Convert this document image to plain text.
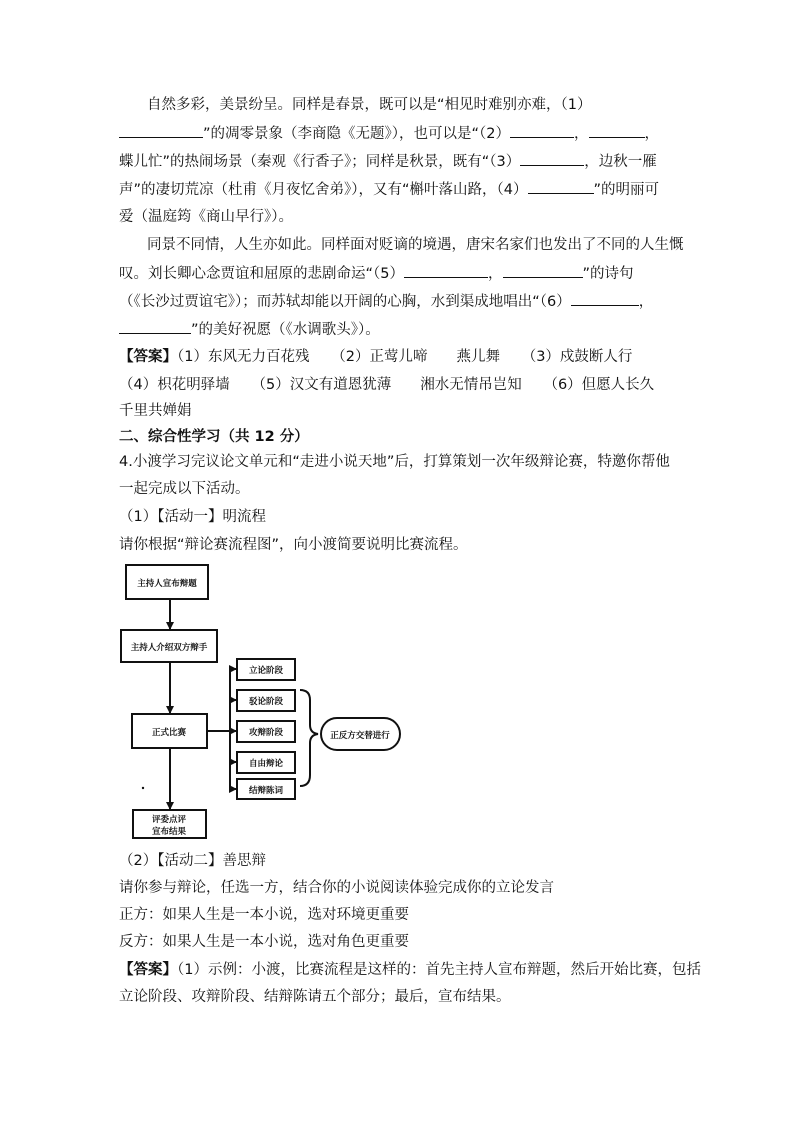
自然多彩，美景纷呈。同样是春景，既可以是“相见时难别亦难，（1）
”的凋零景象（李商隐《无题》），也可以是“（2）	，	，
蝶儿忙”的热闹场景（秦观《行香子》；同样是秋景，既有“（3）	，边秋一雁
声”的凄切荒凉（杜甫《月夜忆舍弟》），又有“槲叶落山路，（4）	”的明丽可
爱（温庭筠《商山早行》）。
同景不同情，人生亦如此。同样面对贬谪的境遇，唐宋名家们也发出了不同的人生慨
叹。刘长卿心念贾谊和屈原的悲剧命运“（5）	，	”的诗句
（《长沙过贾谊宅》）；而苏轼却能以开阔的心胸，水到渠成地唱出“（6）	，
”的美好祝愿（《水调歌头》）。
【答案】（1）东风无力百花残　　（2）正莺儿啼　　燕儿舞　　（3）戍鼓断人行
（4）枳花明驿墙　　（5）汉文有道恩犹薄　　湘水无情吊岂知　　（6）但愿人长久
千里共婵娟
二、综合性学习（共 12 分）
4.小渡学习完议论文单元和“走进小说天地”后，打算策划一次年级辩论赛，特邀你帮他
一起完成以下活动。
（1）【活动一】明流程
请你根据“辩论赛流程图”，向小渡简要说明比赛流程。
主持人宣布辩题
主持人介绍双方辩手
正式比赛
立论阶段
驳论阶段
攻辩阶段
自由辩论
结辩陈词
正反方交替进行
评委点评
宣布结果
（2）【活动二】善思辩
请你参与辩论，任选一方，结合你的小说阅读体验完成你的立论发言
正方：如果人生是一本小说，选对环境更重要
反方：如果人生是一本小说，选对角色更重要
【答案】（1）示例：小渡，比赛流程是这样的：首先主持人宣布辩题，然后开始比赛，包括
立论阶段、攻辩阶段、结辩陈请五个部分；最后，宣布结果。
